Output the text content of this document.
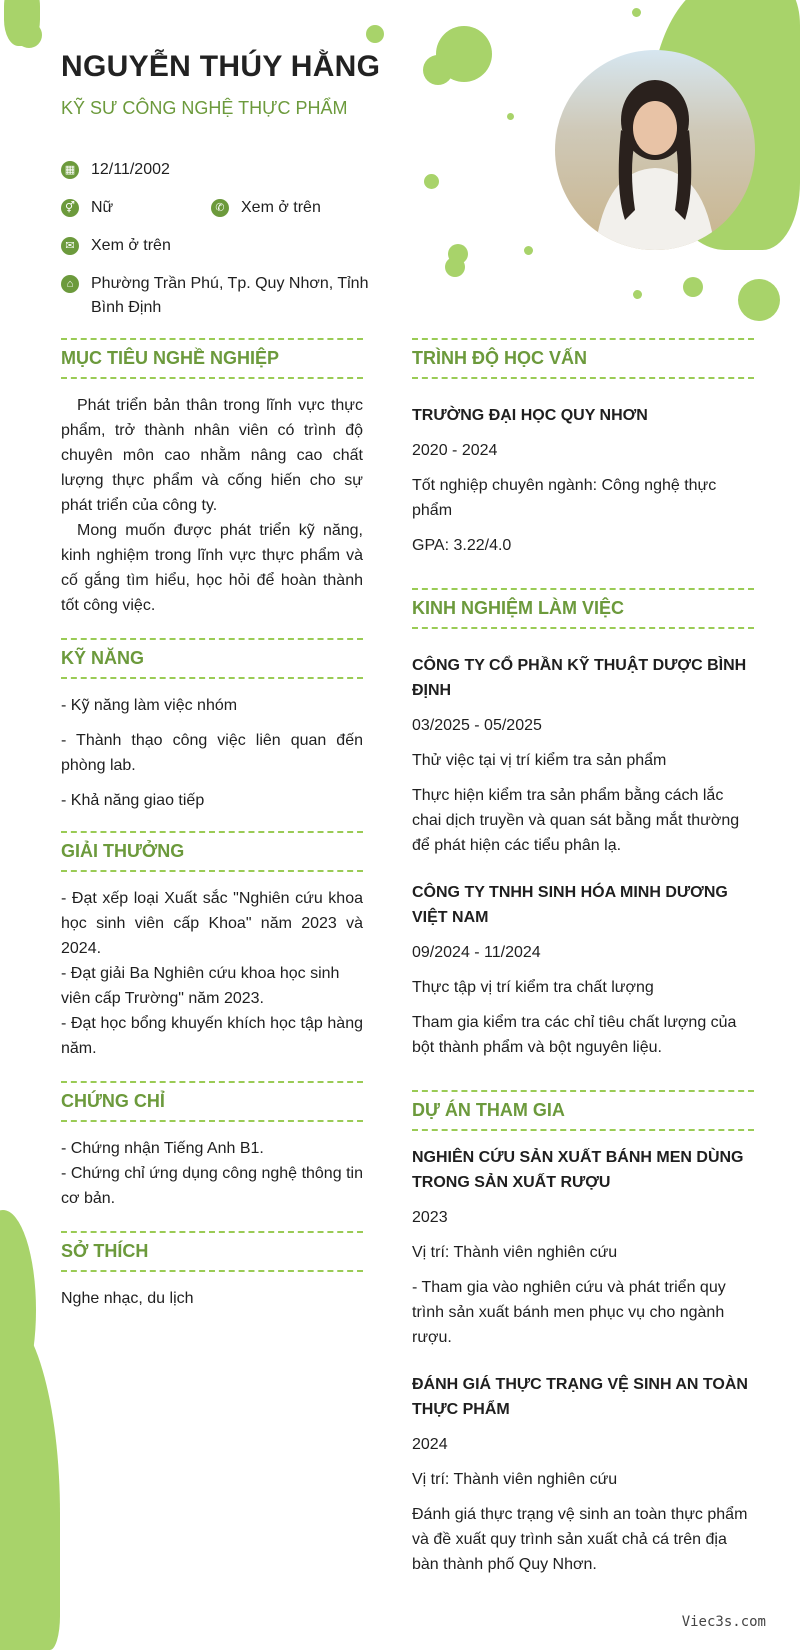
NGUYỄN THÚY HẰNG
KỸ SƯ CÔNG NGHỆ THỰC PHẨM
▦ 12/11/2002
⚥ Nữ	✆ Xem ở trên
✉ Xem ở trên
⌂	Phường Trần Phú, Tp. Quy Nhơn, Tỉnh Bình Định
MỤC TIÊU NGHỀ NGHIỆP
Phát triển bản thân trong lĩnh vực thực phẩm, trở thành nhân viên có trình độ chuyên môn cao nhằm nâng cao chất lượng thực phẩm và cống hiến cho sự phát triển của công ty.
Mong muốn được phát triển kỹ năng, kinh nghiệm trong lĩnh vực thực phẩm và cố gắng tìm hiểu, học hỏi để hoàn thành tốt công việc.
KỸ NĂNG
- Kỹ năng làm việc nhóm
- Thành thạo công việc liên quan đến phòng lab.
- Khả năng giao tiếp
GIẢI THƯỞNG
- Đạt xếp loại Xuất sắc "Nghiên cứu khoa học sinh viên cấp Khoa" năm 2023 và 2024.
- Đạt giải Ba Nghiên cứu khoa học sinh viên cấp Trường" năm 2023.
- Đạt học bổng khuyến khích học tập hàng năm.
CHỨNG CHỈ
- Chứng nhận Tiếng Anh B1.
- Chứng chỉ ứng dụng công nghệ thông tin cơ bản.
SỞ THÍCH
Nghe nhạc, du lịch
TRÌNH ĐỘ HỌC VẤN
TRƯỜNG ĐẠI HỌC QUY NHƠN
2020 - 2024
Tốt nghiệp chuyên ngành: Công nghệ thực phẩm
GPA: 3.22/4.0
KINH NGHIỆM LÀM VIỆC
CÔNG TY CỔ PHẦN KỸ THUẬT DƯỢC BÌNH ĐỊNH
03/2025 - 05/2025
Thử việc tại vị trí kiểm tra sản phẩm
Thực hiện kiểm tra sản phẩm bằng cách lắc chai dịch truyền và quan sát bằng mắt thường để phát hiện các tiểu phân lạ.
CÔNG TY TNHH SINH HÓA MINH DƯƠNG VIỆT NAM
09/2024 - 11/2024
Thực tập vị trí kiểm tra chất lượng
Tham gia kiểm tra các chỉ tiêu chất lượng của bột thành phẩm và bột nguyên liệu.
DỰ ÁN THAM GIA
NGHIÊN CỨU SẢN XUẤT BÁNH MEN DÙNG TRONG SẢN XUẤT RƯỢU
2023
Vị trí: Thành viên nghiên cứu
- Tham gia vào nghiên cứu và phát triển quy trình sản xuất bánh men phục vụ cho ngành rượu.
ĐÁNH GIÁ THỰC TRẠNG VỆ SINH AN TOÀN THỰC PHẨM
2024
Vị trí: Thành viên nghiên cứu
Đánh giá thực trạng vệ sinh an toàn thực phẩm và đề xuất quy trình sản xuất chả cá trên địa bàn thành phố Quy Nhơn.
Viec3s.com
